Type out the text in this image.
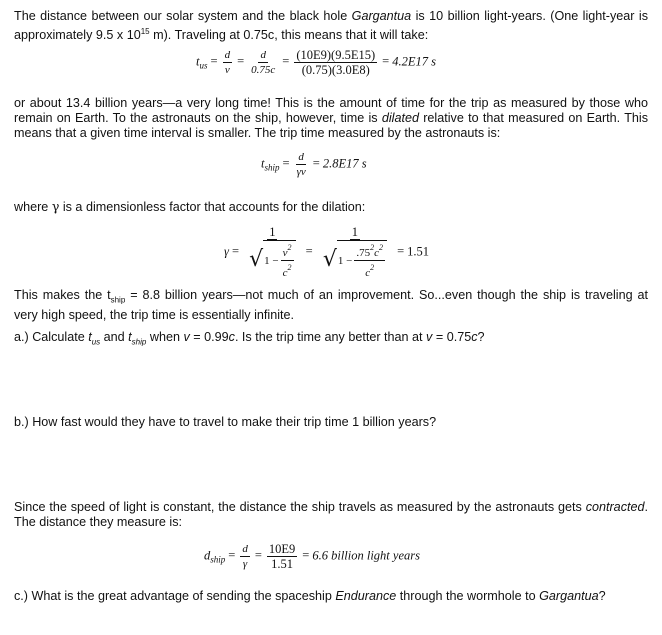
The distance between our solar system and the black hole Gargantua is 10 billion light-years. (One light-year is approximately 9.5 x $10^{15}$ m). Traveling at 0.75c, this means that it will take:
$t_{us} = \frac{d}{v} = \frac{d}{0.75c} = \frac{(10E9)(9.5E15)}{(0.75)(3.0E8)} = 4.2E17$ s
or about 13.4 billion years—a very long time! This is the amount of time for the trip as measured by those who remain on Earth. To the astronauts on the ship, however, time is dilated relative to that measured on Earth. This means that a given time interval is smaller. The trip time measured by the astronauts is:
$t_{ship} = \frac{d}{\gamma v} = 2.8E17$ s
where γ is a dimensionless factor that accounts for the dilation:
$\gamma = \frac{1}{√ 1 - \frac{v^2}{c^2}} = \frac{1}{√ 1 - \frac{.75^2c^2}{c^2}} = 1.51$
This makes the $t_{ship} = 8.8$ billion years—not much of an improvement. So...even though the ship is traveling at very high speed, the trip time is essentially infinite.
a.) Calculate $t_{us}$ and $t_{ship}$ when v = 0.99c. Is the trip time any better than at v = 0.75c?
b.) How fast would they have to travel to make their trip time 1 billion years?
Since the speed of light is constant, the distance the ship travels as measured by the astronauts gets contracted. The distance they measure is:
$d_{ship} = \frac{d}{\gamma} = \frac{10E9}{1.51} = 6.6$ billion light years
c.) What is the great advantage of sending the spaceship Endurance through the wormhole to Gargantua?
